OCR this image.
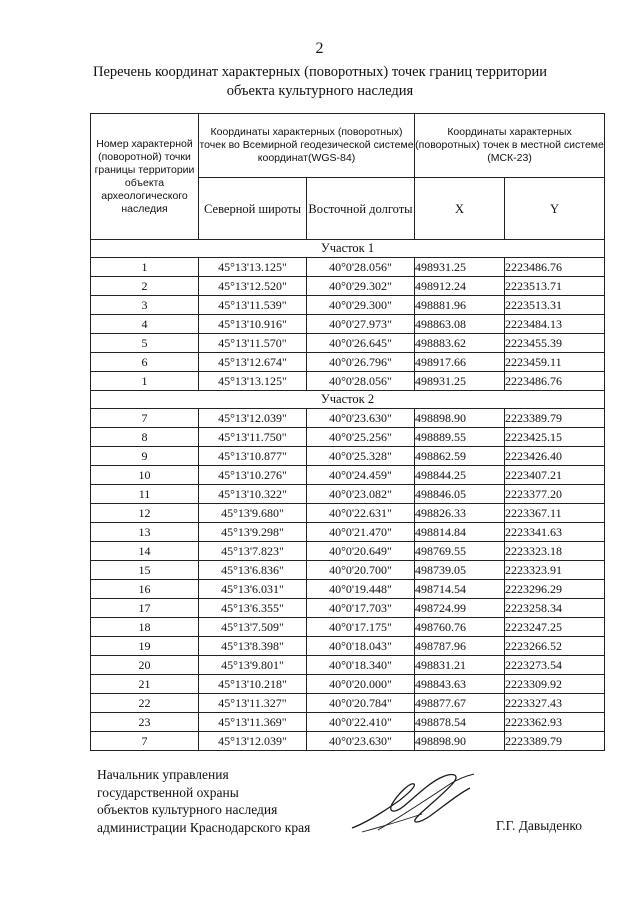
2
Перечень координат характерных (поворотных) точек границ территории
объекта культурного наследия
Номер характерной (поворотной) точки границы территории объекта археологического наследия	Координаты характерных (поворотных) точек во Всемирной геодезической системе координат(WGS-84)		Координаты характерных (поворотных) точек в местной системе (МСК-23)	
	Северной широты	Восточной долготы	X	Y
Участок 1				
1	45°13'13.125"	40°0'28.056"	498931.25	2223486.76
2	45°13'12.520"	40°0'29.302"	498912.24	2223513.71
3	45°13'11.539"	40°0'29.300"	498881.96	2223513.31
4	45°13'10.916"	40°0'27.973"	498863.08	2223484.13
5	45°13'11.570"	40°0'26.645"	498883.62	2223455.39
6	45°13'12.674"	40°0'26.796"	498917.66	2223459.11
1	45°13'13.125"	40°0'28.056"	498931.25	2223486.76
Участок 2				
7	45°13'12.039"	40°0'23.630"	498898.90	2223389.79
8	45°13'11.750"	40°0'25.256"	498889.55	2223425.15
9	45°13'10.877"	40°0'25.328"	498862.59	2223426.40
10	45°13'10.276"	40°0'24.459"	498844.25	2223407.21
11	45°13'10.322"	40°0'23.082"	498846.05	2223377.20
12	45°13'9.680"	40°0'22.631"	498826.33	2223367.11
13	45°13'9.298"	40°0'21.470"	498814.84	2223341.63
14	45°13'7.823"	40°0'20.649"	498769.55	2223323.18
15	45°13'6.836"	40°0'20.700"	498739.05	2223323.91
16	45°13'6.031"	40°0'19.448"	498714.54	2223296.29
17	45°13'6.355"	40°0'17.703"	498724.99	2223258.34
18	45°13'7.509"	40°0'17.175"	498760.76	2223247.25
19	45°13'8.398"	40°0'18.043"	498787.96	2223266.52
20	45°13'9.801"	40°0'18.340"	498831.21	2223273.54
21	45°13'10.218"	40°0'20.000"	498843.63	2223309.92
22	45°13'11.327"	40°0'20.784"	498877.67	2223327.43
23	45°13'11.369"	40°0'22.410"	498878.54	2223362.93
7	45°13'12.039"	40°0'23.630"	498898.90	2223389.79
Начальник управления
государственной охраны
объектов культурного наследия
администрации Краснодарского края	Г.Г. Давыденко
